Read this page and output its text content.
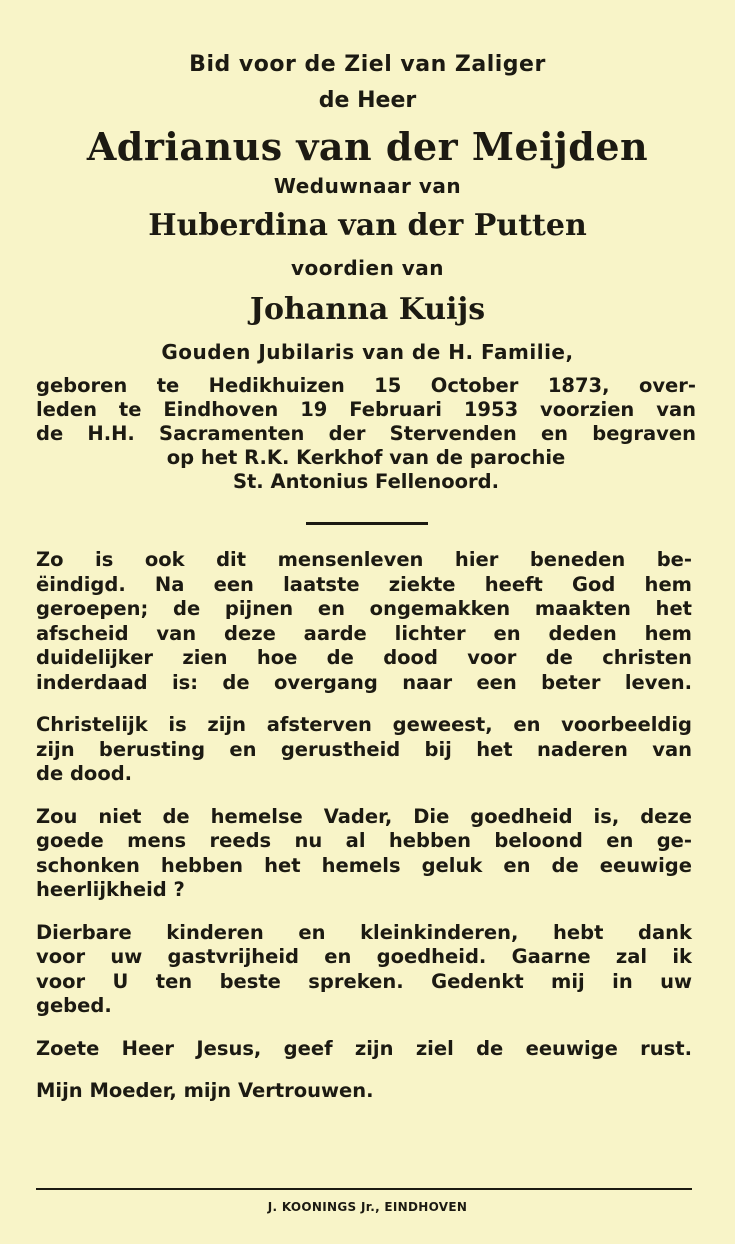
Bid voor de Ziel van Zaliger

de Heer

Adrianus van der Meijden

Weduwnaar van

Huberdina van der Putten

voordien van

Johanna Kuijs

Gouden Jubilaris van de H. Familie,

geboren te Hedikhuizen 15 October 1873, over-
leden te Eindhoven 19 Februari 1953 voorzien van
de H.H. Sacramenten der Stervenden en begraven
op het R.K. Kerkhof van de parochie
St. Antonius Fellenoord.
Zo is ook dit mensenleven hier beneden be-
ëindigd. Na een laatste ziekte heeft God hem
geroepen; de pijnen en ongemakken maakten het
afscheid van deze aarde lichter en deden hem
duidelijker zien hoe de dood voor de christen
inderdaad is: de overgang naar een beter leven.
Christelijk is zijn afsterven geweest, en voorbeeldig
zijn berusting en gerustheid bij het naderen van
de dood.
Zou niet de hemelse Vader, Die goedheid is, deze
goede mens reeds nu al hebben beloond en ge-
schonken hebben het hemels geluk en de eeuwige
heerlijkheid ?
Dierbare kinderen en kleinkinderen, hebt dank
voor uw gastvrijheid en goedheid. Gaarne zal ik
voor U ten beste spreken. Gedenkt mij in uw
gebed.
Zoete Heer Jesus, geef zijn ziel de eeuwige rust.
Mijn Moeder, mijn Vertrouwen.

J. KOONINGS Jr., EINDHOVEN
